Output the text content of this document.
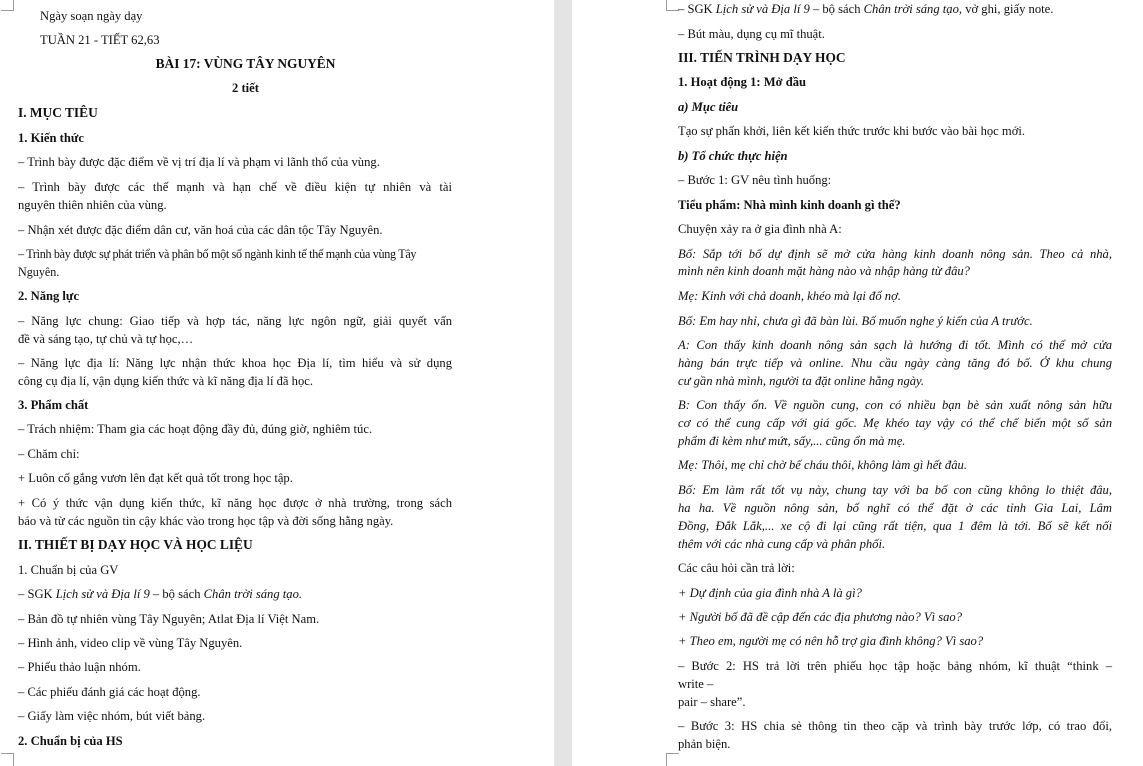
Ngày soạn ngày dạy
TUẦN 21 - TIẾT 62,63
BÀI 17: VÙNG TÂY NGUYÊN
2 tiết
I. MỤC TIÊU
1. Kiến thức
– Trình bày được đặc điểm về vị trí địa lí và phạm vi lãnh thổ của vùng.
– Trình bày được các thế mạnh và hạn chế về điều kiện tự nhiên và tài
nguyên thiên nhiên của vùng.
– Nhận xét được đặc điểm dân cư, văn hoá của các dân tộc Tây Nguyên.
– Trình bày được sự phát triển và phân bố một số ngành kinh tế thế mạnh của vùng Tây
Nguyên.
2. Năng lực
– Năng lực chung: Giao tiếp và hợp tác, năng lực ngôn ngữ, giải quyết vấn
đề và sáng tạo, tự chủ và tự học,…
– Năng lực địa lí: Năng lực nhận thức khoa học Địa lí, tìm hiểu và sử dụng
công cụ địa lí, vận dụng kiến thức và kĩ năng địa lí đã học.
3. Phẩm chất
– Trách nhiệm: Tham gia các hoạt động đầy đủ, đúng giờ, nghiêm túc.
– Chăm chỉ:
+ Luôn cố gắng vươn lên đạt kết quả tốt trong học tập.
+ Có ý thức vận dụng kiến thức, kĩ năng học được ở nhà trường, trong sách
báo và từ các nguồn tin cậy khác vào trong học tập và đời sống hằng ngày.
II. THIẾT BỊ DẠY HỌC VÀ HỌC LIỆU
1. Chuẩn bị của GV
– SGK Lịch sử và Địa lí 9 – bộ sách Chân trời sáng tạo.
– Bản đồ tự nhiên vùng Tây Nguyên; Atlat Địa lí Việt Nam.
– Hình ảnh, video clip về vùng Tây Nguyên.
– Phiếu thảo luận nhóm.
– Các phiếu đánh giá các hoạt động.
– Giấy làm việc nhóm, bút viết bảng.
2. Chuẩn bị của HS
– SGK Lịch sử và Địa lí 9 – bộ sách Chân trời sáng tạo, vở ghi, giấy note.
– Bút màu, dụng cụ mĩ thuật.
III. TIẾN TRÌNH DẠY HỌC
1. Hoạt động 1: Mở đầu
a) Mục tiêu
Tạo sự phấn khởi, liên kết kiến thức trước khi bước vào bài học mới.
b) Tổ chức thực hiện
– Bước 1: GV nêu tình huống:
Tiểu phẩm: Nhà mình kinh doanh gì thế?
Chuyện xảy ra ở gia đình nhà A:
Bố: Sắp tới bố dự định sẽ mở cửa hàng kinh doanh nông sản. Theo cả nhà,
mình nên kinh doanh mặt hàng nào và nhập hàng từ đâu?
Mẹ: Kinh với chả doanh, khéo mà lại đổ nợ.
Bố: Em hay nhỉ, chưa gì đã bàn lùi. Bố muốn nghe ý kiến của A trước.
A: Con thấy kinh doanh nông sản sạch là hướng đi tốt. Mình có thể mở cửa
hàng bán trực tiếp và online. Nhu cầu ngày càng tăng đó bố. Ở khu chung
cư gần nhà mình, người ta đặt online hằng ngày.
B: Con thấy ổn. Về nguồn cung, con có nhiều bạn bè sản xuất nông sản hữu
cơ có thể cung cấp với giá gốc. Mẹ khéo tay vậy có thể chế biến một số sản
phẩm đi kèm như mứt, sấy,... cũng ổn mà mẹ.
Mẹ: Thôi, mẹ chỉ chờ bế cháu thôi, không làm gì hết đâu.
Bố: Em làm rất tốt vụ này, chung tay với ba bố con cũng không lo thiệt đâu,
ha ha. Về nguồn nông sản, bố nghĩ có thể đặt ở các tỉnh Gia Lai, Lâm
Đồng, Đắk Lắk,... xe cộ đi lại cũng rất tiện, qua 1 đêm là tới. Bố sẽ kết nối
thêm với các nhà cung cấp và phân phối.
Các câu hỏi cần trả lời:
+ Dự định của gia đình nhà A là gì?
+ Người bố đã đề cập đến các địa phương nào? Vì sao?
+ Theo em, người mẹ có nên hỗ trợ gia đình không? Vì sao?
– Bước 2: HS trả lời trên phiếu học tập hoặc bảng nhóm, kĩ thuật “think –
write –
pair – share”.
– Bước 3: HS chia sẻ thông tin theo cặp và trình bày trước lớp, có trao đổi,
phản biện.
